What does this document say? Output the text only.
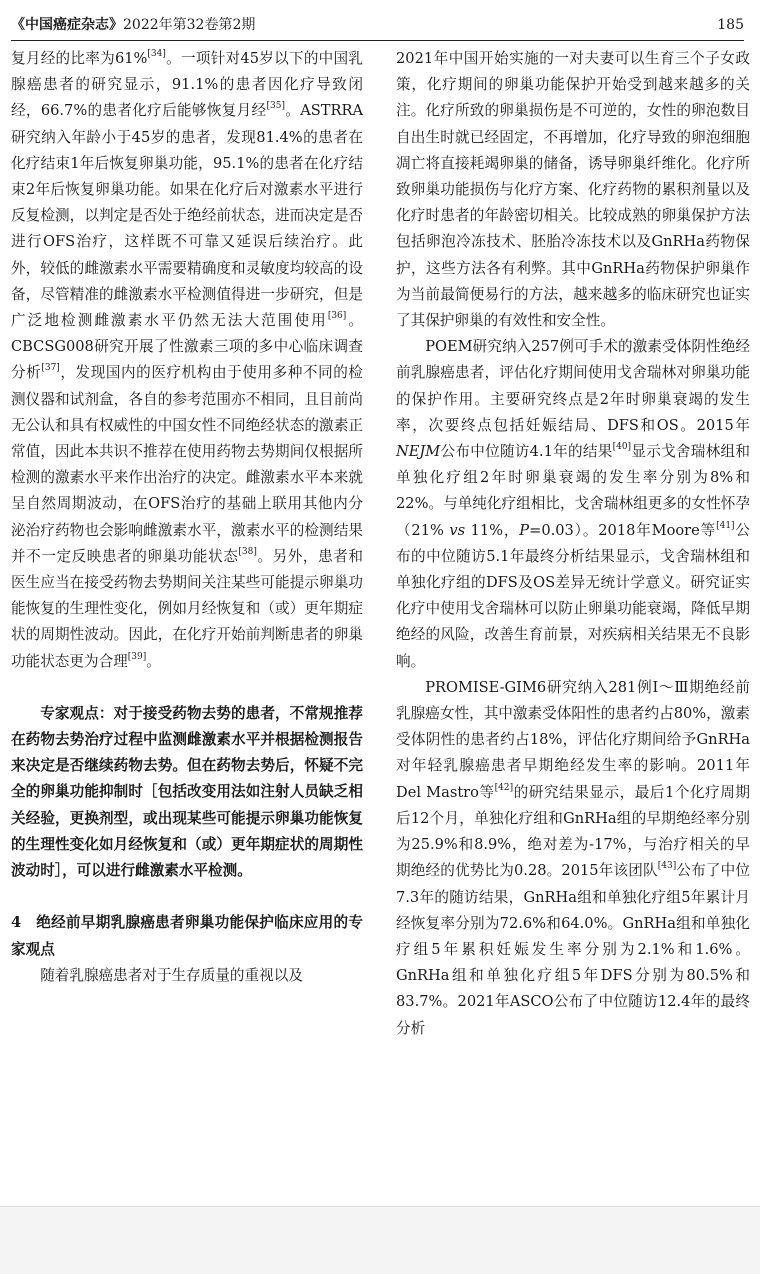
《中国癌症杂志》2022年第32卷第2期	185

复月经的比率为61%[34]。一项针对45岁以下的中国乳腺癌患者的研究显示，91.1%的患者因化疗导致闭经，66.7%的患者化疗后能够恢复月经[35]。ASTRRA研究纳入年龄小于45岁的患者，发现81.4%的患者在化疗结束1年后恢复卵巢功能，95.1%的患者在化疗结束2年后恢复卵巢功能。如果在化疗后对激素水平进行反复检测，以判定是否处于绝经前状态，进而决定是否进行OFS治疗，这样既不可靠又延误后续治疗。此外，较低的雌激素水平需要精确度和灵敏度均较高的设备，尽管精准的雌激素水平检测值得进一步研究，但是广泛地检测雌激素水平仍然无法大范围使用[36]。CBCSG008研究开展了性激素三项的多中心临床调查分析[37]，发现国内的医疗机构由于使用多种不同的检测仪器和试剂盒，各自的参考范围亦不相同，且目前尚无公认和具有权威性的中国女性不同绝经状态的激素正常值，因此本共识不推荐在使用药物去势期间仅根据所检测的激素水平来作出治疗的决定。雌激素水平本来就呈自然周期波动，在OFS治疗的基础上联用其他内分泌治疗药物也会影响雌激素水平，激素水平的检测结果并不一定反映患者的卵巢功能状态[38]。另外，患者和医生应当在接受药物去势期间关注某些可能提示卵巢功能恢复的生理性变化，例如月经恢复和（或）更年期症状的周期性波动。因此，在化疗开始前判断患者的卵巢功能状态更为合理[39]。

专家观点：对于接受药物去势的患者，不常规推荐在药物去势治疗过程中监测雌激素水平并根据检测报告来决定是否继续药物去势。但在药物去势后，怀疑不完全的卵巢功能抑制时［包括改变用法如注射人员缺乏相关经验，更换剂型，或出现某些可能提示卵巢功能恢复的生理性变化如月经恢复和（或）更年期症状的周期性波动时］，可以进行雌激素水平检测。

4　绝经前早期乳腺癌患者卵巢功能保护临床应用的专家观点

随着乳腺癌患者对于生存质量的重视以及

2021年中国开始实施的一对夫妻可以生育三个子女政策，化疗期间的卵巢功能保护开始受到越来越多的关注。化疗所致的卵巢损伤是不可逆的，女性的卵泡数目自出生时就已经固定，不再增加，化疗导致的卵泡细胞凋亡将直接耗竭卵巢的储备，诱导卵巢纤维化。化疗所致卵巢功能损伤与化疗方案、化疗药物的累积剂量以及化疗时患者的年龄密切相关。比较成熟的卵巢保护方法包括卵泡冷冻技术、胚胎冷冻技术以及GnRHa药物保护，这些方法各有利弊。其中GnRHa药物保护卵巢作为当前最简便易行的方法，越来越多的临床研究也证实了其保护卵巢的有效性和安全性。

POEM研究纳入257例可手术的激素受体阴性绝经前乳腺癌患者，评估化疗期间使用戈舍瑞林对卵巢功能的保护作用。主要研究终点是2年时卵巢衰竭的发生率，次要终点包括妊娠结局、DFS和OS。2015年NEJM公布中位随访4.1年的结果[40]显示戈舍瑞林组和单独化疗组2年时卵巢衰竭的发生率分别为8%和22%。与单纯化疗组相比，戈舍瑞林组更多的女性怀孕（21% vs 11%，P=0.03）。2018年Moore等[41]公布的中位随访5.1年最终分析结果显示，戈舍瑞林组和单独化疗组的DFS及OS差异无统计学意义。研究证实化疗中使用戈舍瑞林可以防止卵巢功能衰竭，降低早期绝经的风险，改善生育前景，对疾病相关结果无不良影响。

PROMISE-GIM6研究纳入281例Ⅰ～Ⅲ期绝经前乳腺癌女性，其中激素受体阳性的患者约占80%，激素受体阴性的患者约占18%，评估化疗期间给予GnRHa对年轻乳腺癌患者早期绝经发生率的影响。2011年Del Mastro等[42]的研究结果显示，最后1个化疗周期后12个月，单独化疗组和GnRHa组的早期绝经率分别为25.9%和8.9%，绝对差为-17%，与治疗相关的早期绝经的优势比为0.28。2015年该团队[43]公布了中位7.3年的随访结果，GnRHa组和单独化疗组5年累计月经恢复率分别为72.6%和64.0%。GnRHa组和单独化疗组5年累积妊娠发生率分别为2.1%和1.6%。GnRHa组和单独化疗组5年DFS分别为80.5%和83.7%。2021年ASCO公布了中位随访12.4年的最终分析
